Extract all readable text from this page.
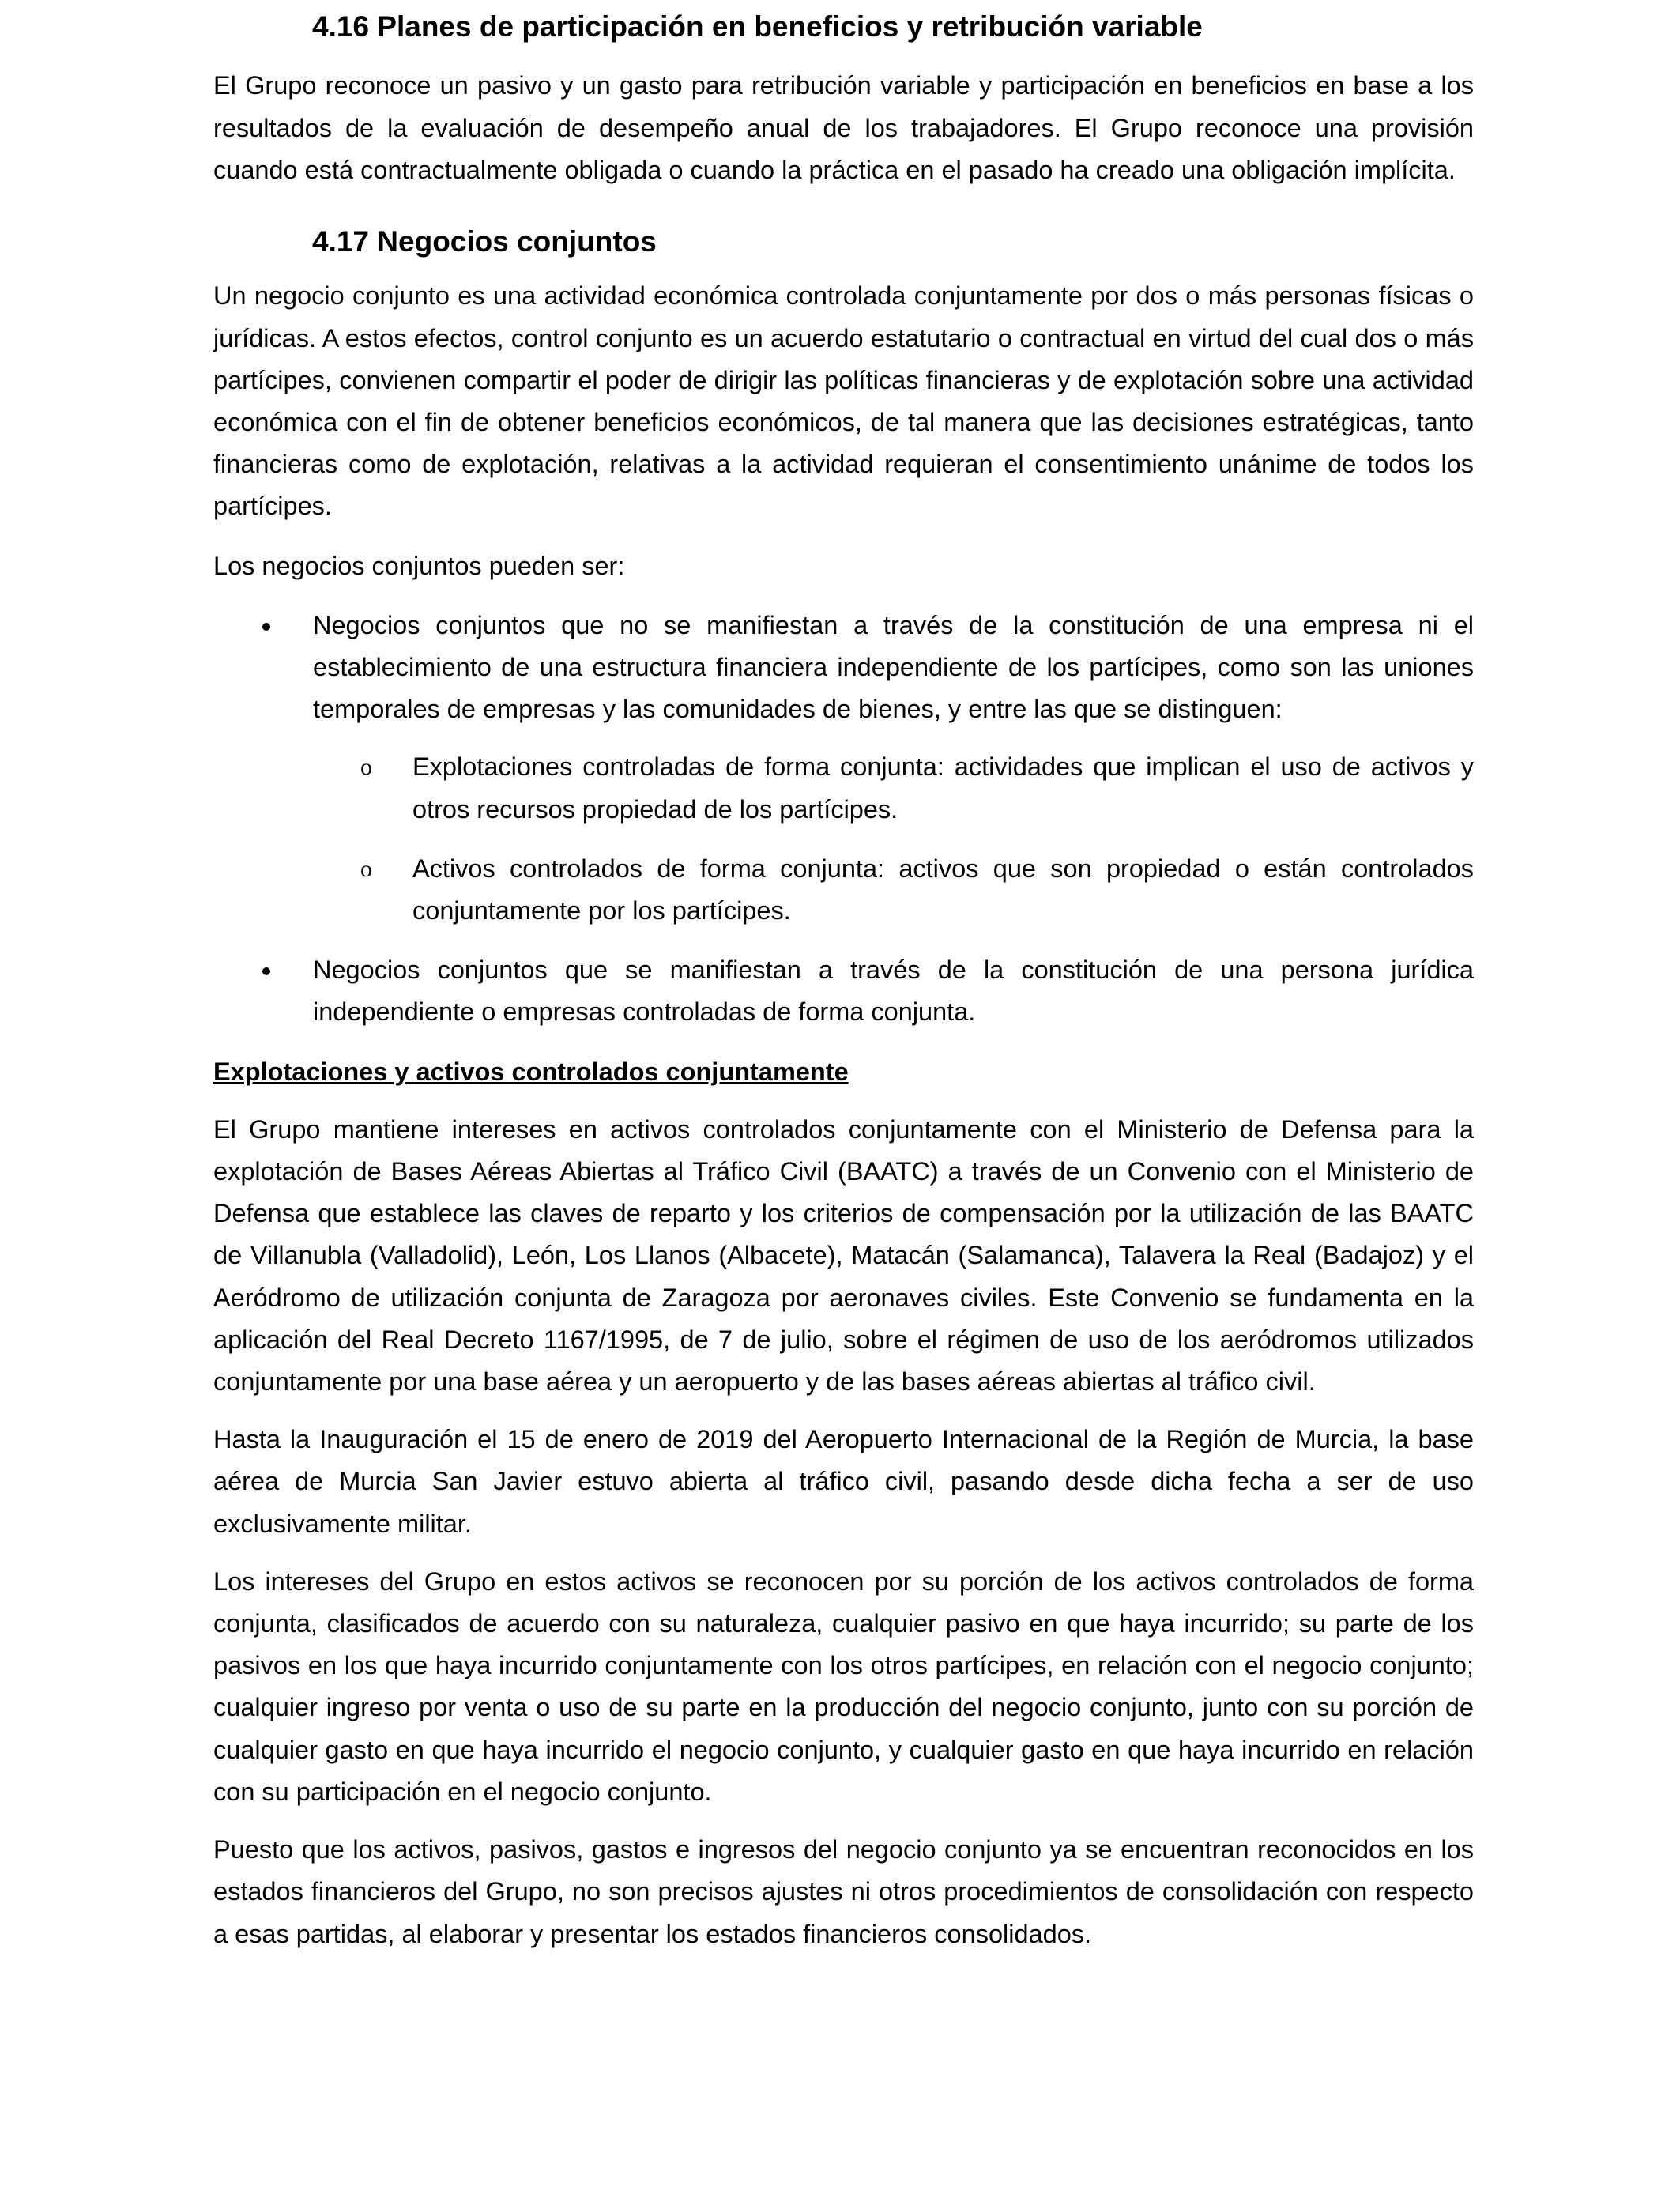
4.16 Planes de participación en beneficios y retribución variable

El Grupo reconoce un pasivo y un gasto para retribución variable y participación en beneficios en base a los resultados de la evaluación de desempeño anual de los trabajadores. El Grupo reconoce una provisión cuando está contractualmente obligada o cuando la práctica en el pasado ha creado una obligación implícita.

4.17 Negocios conjuntos

Un negocio conjunto es una actividad económica controlada conjuntamente por dos o más personas físicas o jurídicas. A estos efectos, control conjunto es un acuerdo estatutario o contractual en virtud del cual dos o más partícipes, convienen compartir el poder de dirigir las políticas financieras y de explotación sobre una actividad económica con el fin de obtener beneficios económicos, de tal manera que las decisiones estratégicas, tanto financieras como de explotación, relativas a la actividad requieran el consentimiento unánime de todos los partícipes.

Los negocios conjuntos pueden ser:

Negocios conjuntos que no se manifiestan a través de la constitución de una empresa ni el establecimiento de una estructura financiera independiente de los partícipes, como son las uniones temporales de empresas y las comunidades de bienes, y entre las que se distinguen:

o Explotaciones controladas de forma conjunta: actividades que implican el uso de activos y otros recursos propiedad de los partícipes.

o Activos controlados de forma conjunta: activos que son propiedad o están controlados conjuntamente por los partícipes.

Negocios conjuntos que se manifiestan a través de la constitución de una persona jurídica independiente o empresas controladas de forma conjunta.

Explotaciones y activos controlados conjuntamente

El Grupo mantiene intereses en activos controlados conjuntamente con el Ministerio de Defensa para la explotación de Bases Aéreas Abiertas al Tráfico Civil (BAATC) a través de un Convenio con el Ministerio de Defensa que establece las claves de reparto y los criterios de compensación por la utilización de las BAATC de Villanubla (Valladolid), León, Los Llanos (Albacete), Matacán (Salamanca), Talavera la Real (Badajoz) y el Aeródromo de utilización conjunta de Zaragoza por aeronaves civiles. Este Convenio se fundamenta en la aplicación del Real Decreto 1167/1995, de 7 de julio, sobre el régimen de uso de los aeródromos utilizados conjuntamente por una base aérea y un aeropuerto y de las bases aéreas abiertas al tráfico civil.

Hasta la Inauguración el 15 de enero de 2019 del Aeropuerto Internacional de la Región de Murcia, la base aérea de Murcia San Javier estuvo abierta al tráfico civil, pasando desde dicha fecha a ser de uso exclusivamente militar.

Los intereses del Grupo en estos activos se reconocen por su porción de los activos controlados de forma conjunta, clasificados de acuerdo con su naturaleza, cualquier pasivo en que haya incurrido; su parte de los pasivos en los que haya incurrido conjuntamente con los otros partícipes, en relación con el negocio conjunto; cualquier ingreso por venta o uso de su parte en la producción del negocio conjunto, junto con su porción de cualquier gasto en que haya incurrido el negocio conjunto, y cualquier gasto en que haya incurrido en relación con su participación en el negocio conjunto.

Puesto que los activos, pasivos, gastos e ingresos del negocio conjunto ya se encuentran reconocidos en los estados financieros del Grupo, no son precisos ajustes ni otros procedimientos de consolidación con respecto a esas partidas, al elaborar y presentar los estados financieros consolidados.
